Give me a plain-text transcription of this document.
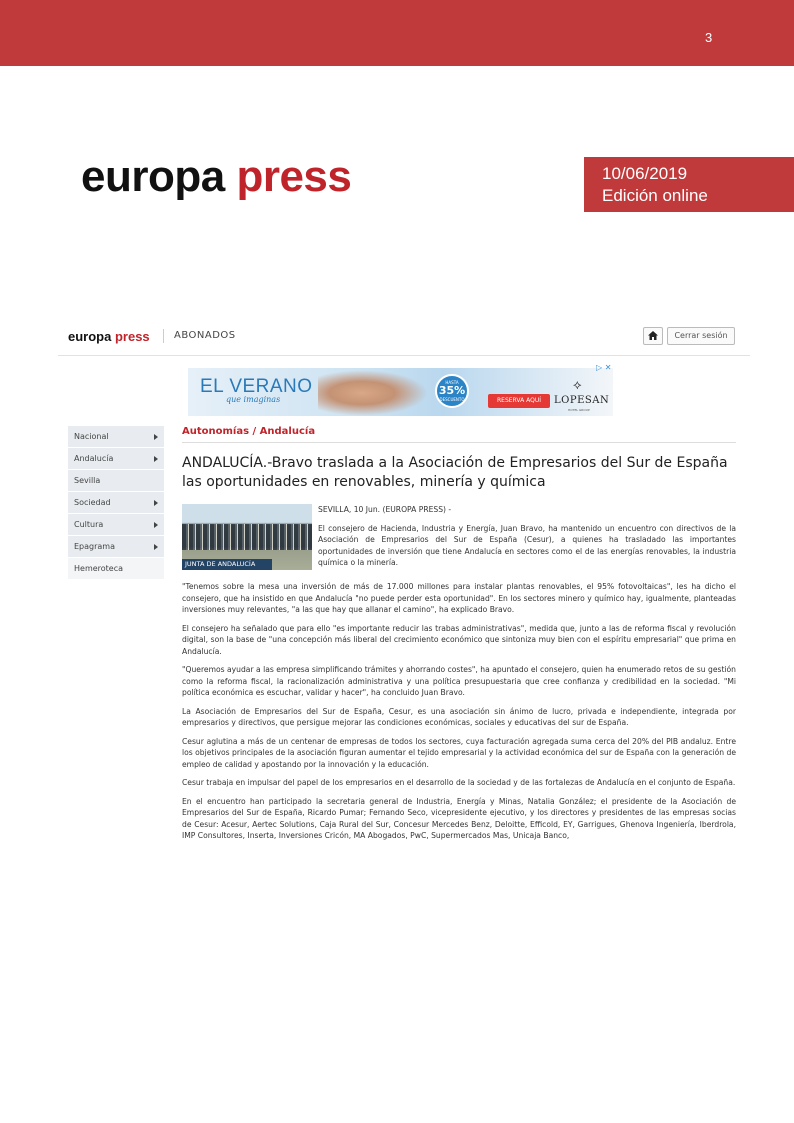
3
europa press	10/06/2019
Edición online
europa press	ABONADOS	Cerrar sesión
EL VERANO
que imaginas
HASTA
35%
DESCUENTO	RESERVA AQUÍ
⟡
LOPESAN
HOTEL GROUP
▷ ✕
Nacional
Andalucía
Sevilla
Sociedad
Cultura
Epagrama
Hemeroteca
Autonomías / Andalucía
ANDALUCÍA.-Bravo traslada a la Asociación de Empresarios del Sur de España las oportunidades en renovables, minería y química
JUNTA DE ANDALUCÍA
SEVILLA, 10 Jun. (EUROPA PRESS) -
El consejero de Hacienda, Industria y Energía, Juan Bravo, ha mantenido un encuentro con directivos de la Asociación de Empresarios del Sur de España (Cesur), a quienes ha trasladado las importantes oportunidades de inversión que tiene Andalucía en sectores como el de las energías renovables, la industria química o la minería.

"Tenemos sobre la mesa una inversión de más de 17.000 millones para instalar plantas renovables, el 95% fotovoltaicas", les ha dicho el consejero, que ha insistido en que Andalucía "no puede perder esta oportunidad". En los sectores minero y químico hay, igualmente, planteadas inversiones muy relevantes, "a las que hay que allanar el camino", ha explicado Bravo.

El consejero ha señalado que para ello "es importante reducir las trabas administrativas", medida que, junto a las de reforma fiscal y revolución digital, son la base de "una concepción más liberal del crecimiento económico que sintoniza muy bien con el espíritu empresarial" que prima en Andalucía.

"Queremos ayudar a las empresa simplificando trámites y ahorrando costes", ha apuntado el consejero, quien ha enumerado retos de su gestión como la reforma fiscal, la racionalización administrativa y una política presupuestaria que cree confianza y credibilidad en la sociedad. "Mi política económica es escuchar, validar y hacer", ha concluido Juan Bravo.

La Asociación de Empresarios del Sur de España, Cesur, es una asociación sin ánimo de lucro, privada e independiente, integrada por empresarios y directivos, que persigue mejorar las condiciones económicas, sociales y educativas del sur de España.

Cesur aglutina a más de un centenar de empresas de todos los sectores, cuya facturación agregada suma cerca del 20% del PIB andaluz. Entre los objetivos principales de la asociación figuran aumentar el tejido empresarial y la actividad económica del sur de España con la generación de empleo de calidad y apostando por la innovación y la educación.

Cesur trabaja en impulsar del papel de los empresarios en el desarrollo de la sociedad y de las fortalezas de Andalucía en el conjunto de España.

En el encuentro han participado la secretaria general de Industria, Energía y Minas, Natalia González; el presidente de la Asociación de Empresarios del Sur de España, Ricardo Pumar; Fernando Seco, vicepresidente ejecutivo, y los directores y presidentes de las empresas socias de Cesur: Acesur, Aertec Solutions, Caja Rural del Sur, Concesur Mercedes Benz, Deloitte, Efficold, EY, Garrigues, Ghenova Ingeniería, Iberdrola, IMP Consultores, Inserta, Inversiones Cricón, MA Abogados, PwC, Supermercados Mas, Unicaja Banco,
